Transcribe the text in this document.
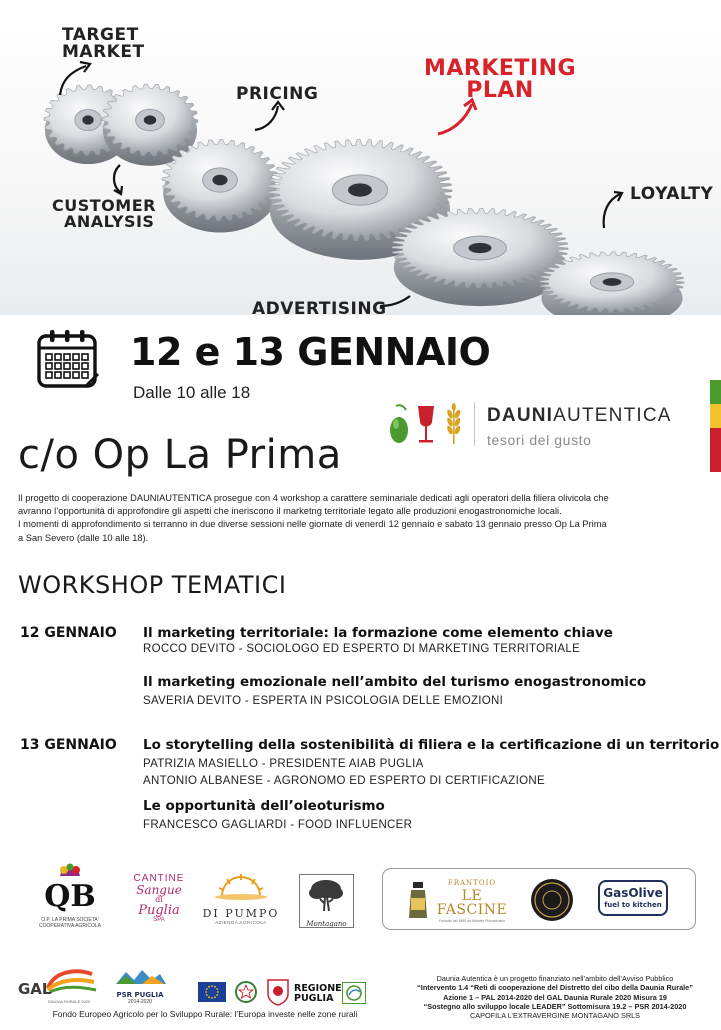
TARGET
MARKET
PRICING
MARKETING
PLAN
CUSTOMER
ANALYSIS
LOYALTY
ADVERTISING
12 e 13 GENNAIO
Dalle 10 alle 18
DAUNIAUTENTICA
tesori del gusto
c/o Op La Prima

Il progetto di cooperazione DAUNIAUTENTICA prosegue con 4 workshop a carattere seminariale dedicati agli operatori della filiera olivicola che

avranno l’opportunità di approfondire gli aspetti che ineriscono il marketng territoriale legato alle produzioni enogastronomiche locali.

I momenti di approfondimento si terranno in due diverse sessioni nelle giornate di venerdì 12 gennaio e sabato 13 gennaio presso Op La Prima

a San Severo (dalle 10 alle 18).

WORKSHOP TEMATICI
12 GENNAIO Il marketing territoriale: la formazione come elemento chiave
ROCCO DEVITO - SOCIOLOGO ED ESPERTO DI MARKETING TERRITORIALE
Il marketing emozionale nell’ambito del turismo enogastronomico
SAVERIA DEVITO - ESPERTA IN PSICOLOGIA DELLE EMOZIONI
13 GENNAIO Lo storytelling della sostenibilità di filiera e la certificazione di un territorio
PATRIZIA MASIELLO - PRESIDENTE AIAB PUGLIA
ANTONIO ALBANESE - AGRONOMO ED ESPERTO DI CERTIFICAZIONE
Le opportunità dell’oleoturismo
FRANCESCO GAGLIARDI - FOOD INFLUENCER
QB
O.P. LA PRIMA SOCIETA'
COOPERATIVA AGRICOLA
CANTINE
Sangue
di
Puglia
SPA	DI PUMPO
AZIENDA AGRICOLA	Montagano
FRANTOIO
LE FASCINE
Fondato nel 1880 da Michele Pizzolorusso
GasOlive
fuel to kitchen
GAL
DAUNIA RURALE 2020
PSR PUGLIA
2014-2020
REGIONE
PUGLIA
Fondo Europeo Agricolo per lo Sviluppo Rurale: l’Europa investe nelle zone rurali
Daunia Autentica è un progetto finanziato nell’ambito dell’Avviso Pubblico
“Intervento 1.4 “Reti di cooperazione del Distretto del cibo della Daunia Rurale”
Azione 1 – PAL 2014-2020 del GAL Daunia Rurale 2020 Misura 19
“Sostegno allo sviluppo locale LEADER” Sottomisura 19.2 – PSR 2014-2020
CAPOFILA L’EXTRAVERGINE MONTAGANO SRLS
